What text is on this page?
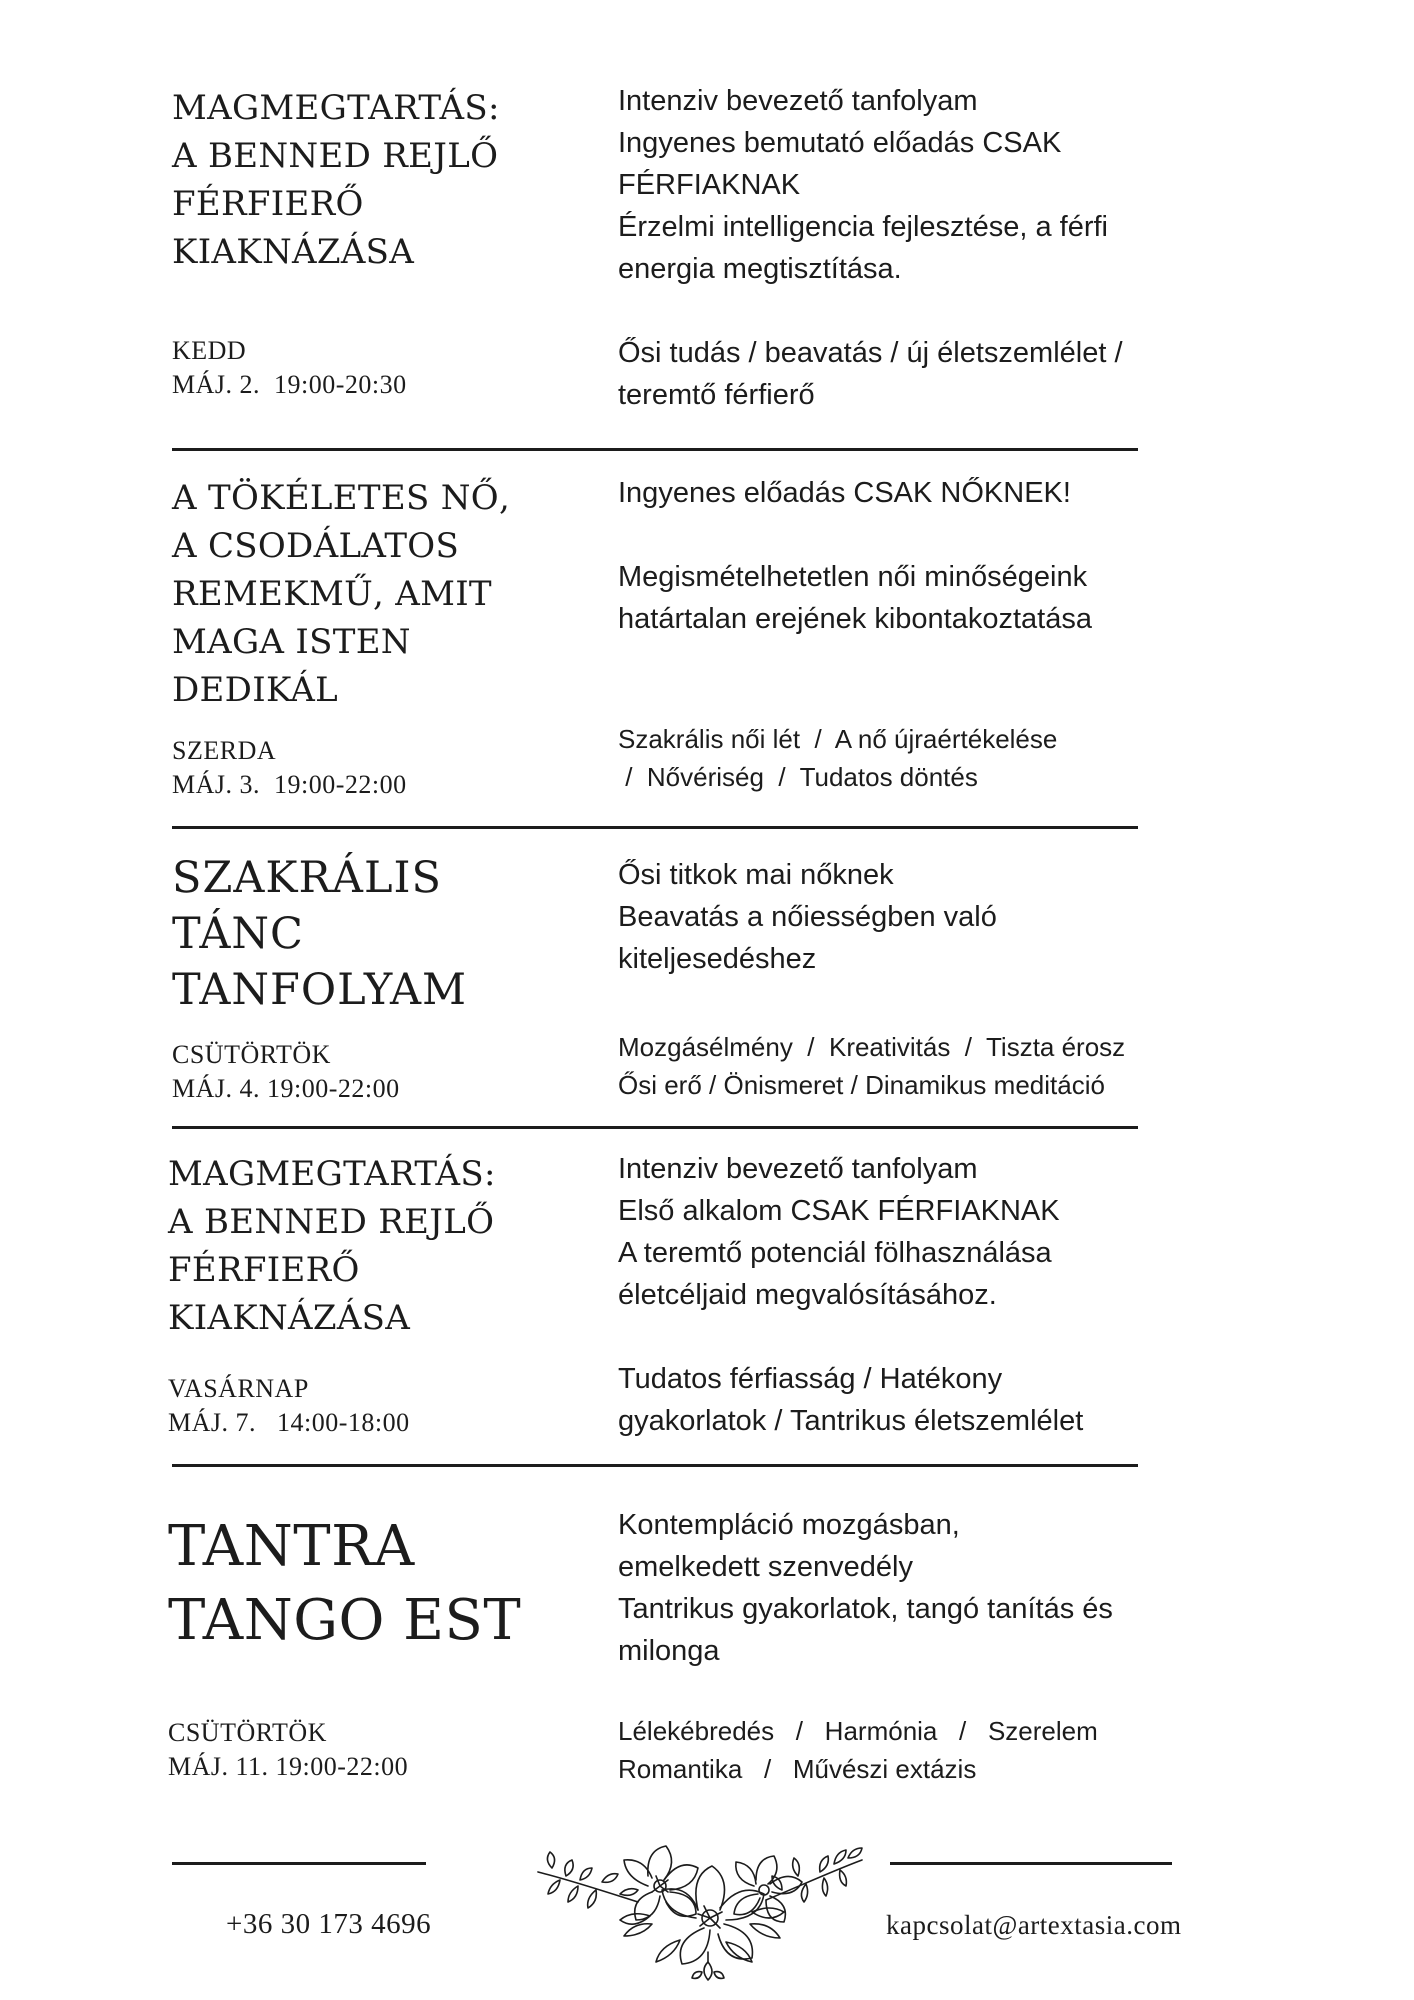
MAGMEGTARTÁS:
A BENNED REJLŐ
FÉRFIERŐ
KIAKNÁZÁSA
KEDD
MÁJ. 2.  19:00-20:30
Intenziv bevezető tanfolyam
Ingyenes bemutató előadás CSAK
FÉRFIAKNAK
Érzelmi intelligencia fejlesztése, a férfi
energia megtisztítása.
Ősi tudás / beavatás / új életszemlélet /
teremtő férfierő
A TÖKÉLETES NŐ,
A CSODÁLATOS
REMEKMŰ, AMIT
MAGA ISTEN
DEDIKÁL
SZERDA
MÁJ. 3.  19:00-22:00
Ingyenes előadás CSAK NŐKNEK!
Megismételhetetlen női minőségeink
határtalan erejének kibontakoztatása
Szakrális női lét  /  A nő újraértékelése
/  Nővériség  /  Tudatos döntés
SZAKRÁLIS
TÁNC
TANFOLYAM
CSÜTÖRTÖK
MÁJ. 4. 19:00-22:00
Ősi titkok mai nőknek
Beavatás a nőiességben való
kiteljesedéshez
Mozgásélmény  /  Kreativitás  /  Tiszta érosz
Ősi erő / Önismeret / Dinamikus meditáció
MAGMEGTARTÁS:
A BENNED REJLŐ
FÉRFIERŐ
KIAKNÁZÁSA
VASÁRNAP
MÁJ. 7.   14:00-18:00
Intenziv bevezető tanfolyam
Első alkalom CSAK FÉRFIAKNAK
A teremtő potenciál fölhasználása
életcéljaid megvalósításához.
Tudatos férfiasság / Hatékony
gyakorlatok / Tantrikus életszemlélet
TANTRA
TANGO EST
CSÜTÖRTÖK
MÁJ. 11. 19:00-22:00
Kontempláció mozgásban,
emelkedett szenvedély
Tantrikus gyakorlatok, tangó tanítás és
milonga
Lélekébredés   /   Harmónia   /   Szerelem
Romantika   /   Művészi extázis
+36 30 173 4696	kapcsolat@artextasia.com
